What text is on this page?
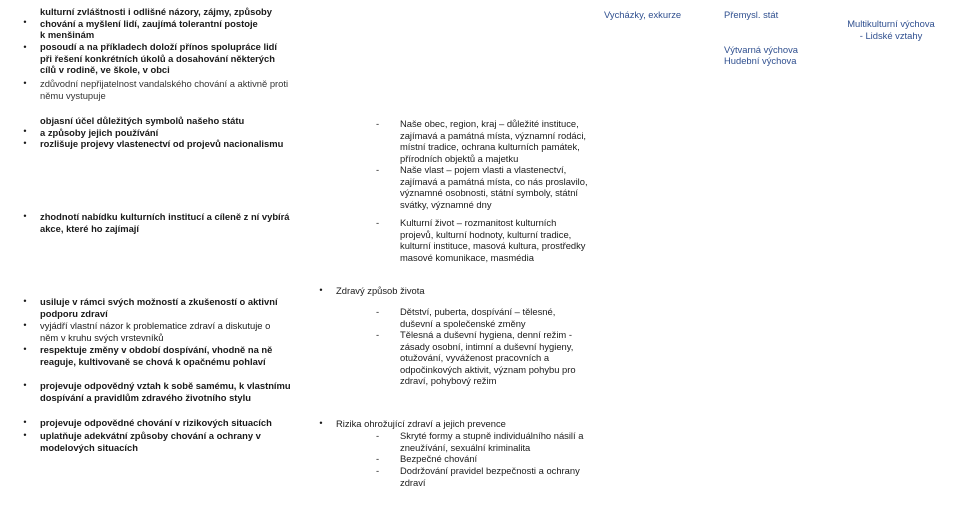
•
kulturní zvláštnosti i odlišné názory, zájmy, způsoby
chování a myšlení lidí, zaujímá tolerantní postoje
k menšinám
• posoudí a na příkladech doloží přínos spolupráce lidí
při řešení konkrétních úkolů a dosahování některých
cílů v rodině, ve škole, v obci
• zdůvodní nepřijatelnost vandalského chování a aktivně proti
němu vystupuje
Vycházky, exkurze	Přemysl. stát
Výtvarná výchova
Hudební výchova
Multikulturní výchova
- Lidské vztahy
•
objasní účel důležitých symbolů našeho státu
a způsoby jejich používání
• rozlišuje projevy vlastenectví od projevů nacionalismu
• zhodnotí nabídku kulturních institucí a cíleně z ní vybírá
akce, které ho zajímají
- Naše obec, region, kraj – důležité instituce,
zajímavá a památná místa, významní rodáci,
místní tradice, ochrana kulturních památek,
přírodních objektů a majetku
- Naše vlast – pojem vlasti a vlastenectví,
zajímavá a památná místa, co nás proslavilo,
významné osobnosti, státní symboly, státní
svátky, významné dny
- Kulturní život – rozmanitost kulturních
projevů, kulturní hodnoty, kulturní tradice,
kulturní instituce, masová kultura, prostředky
masové komunikace, masmédia
• usiluje v rámci svých možností a zkušeností o aktivní
podporu zdraví
• vyjádří vlastní názor k problematice zdraví a diskutuje o
něm v kruhu svých vrstevníků
• respektuje změny v období dospívání, vhodně na ně
reaguje, kultivovaně se chová k opačnému pohlaví
• projevuje odpovědný vztah k sobě samému, k vlastnímu
dospívání a pravidlům zdravého životního stylu
• Zdravý způsob života
- Dětství, puberta, dospívání – tělesné,
duševní a společenské změny
- Tělesná a duševní hygiena, denní režim -
zásady osobní, intimní a duševní hygieny,
otužování, vyváženost pracovních a
odpočinkových aktivit, význam pohybu pro
zdraví, pohybový režim
• projevuje odpovědné chování v rizikových situacích
• uplatňuje adekvátní způsoby chování a ochrany v
modelových situacích
• Rizika ohrožující zdraví a jejich prevence
- Skryté formy a stupně individuálního násilí a
zneužívání, sexuální kriminalita
- Bezpečné chování
- Dodržování pravidel bezpečnosti a ochrany
zdraví
